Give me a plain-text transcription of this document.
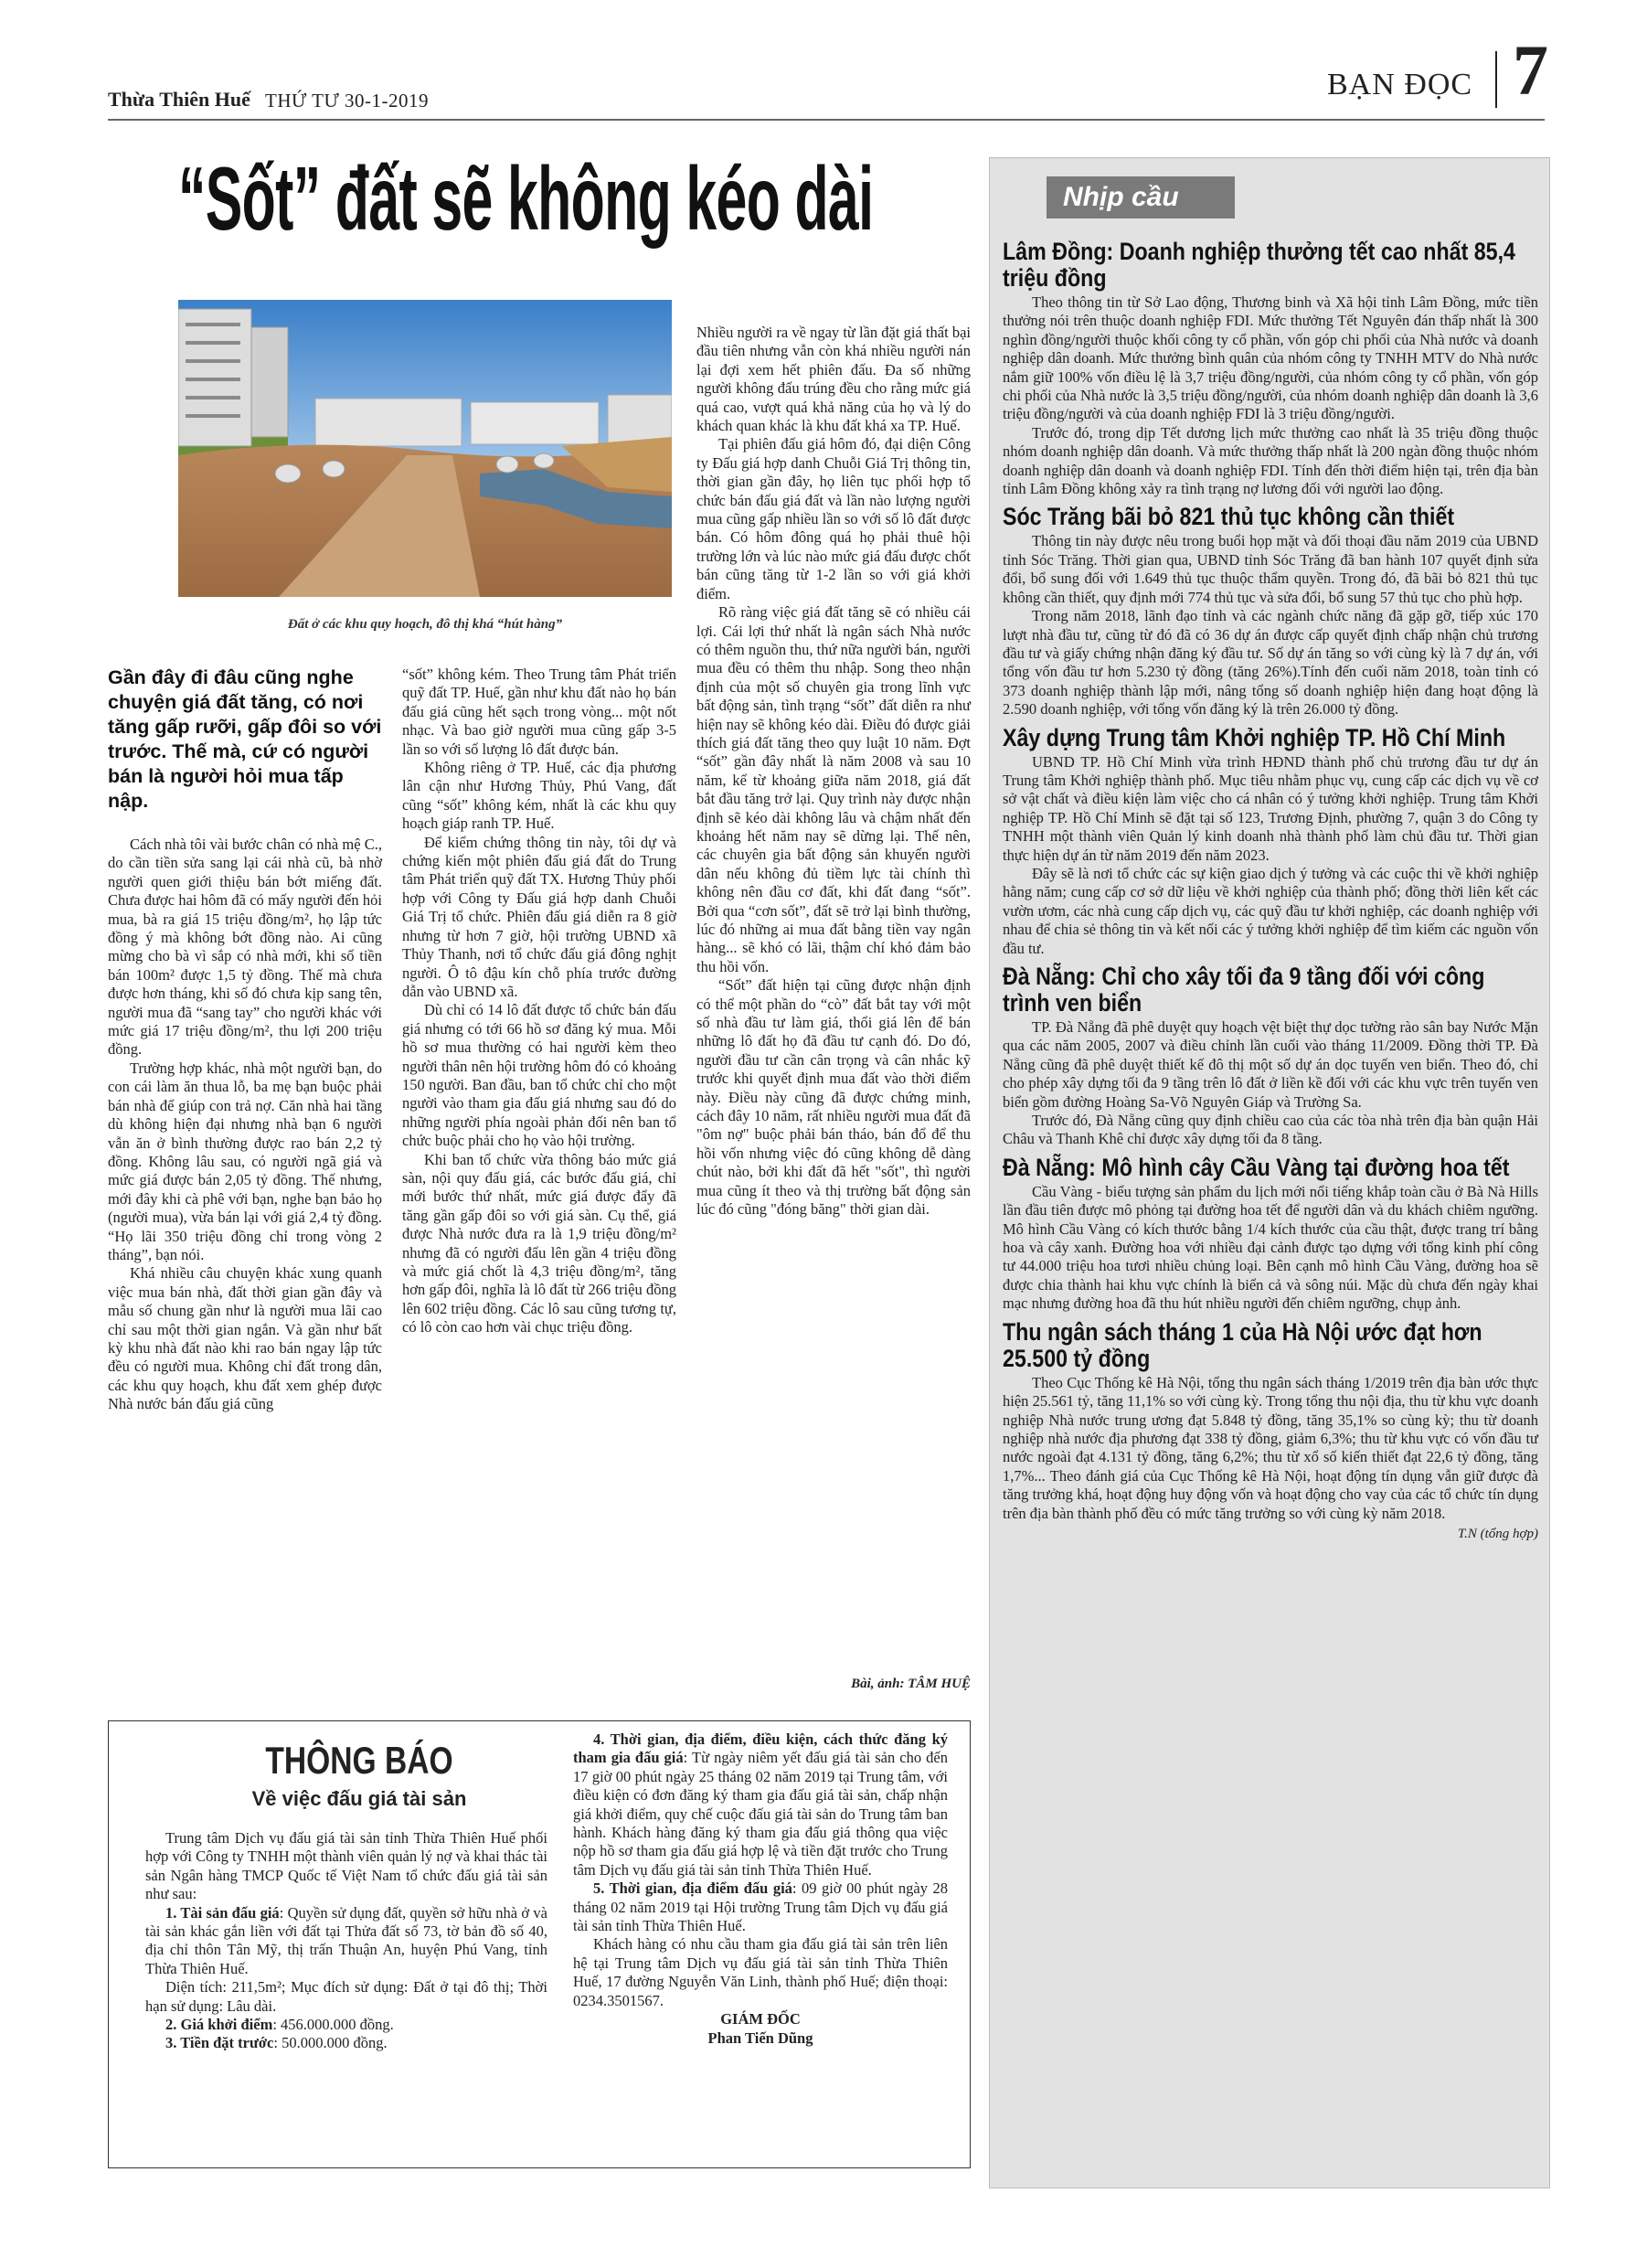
Thừa Thiên Huế THỨ TƯ 30-1-2019	BẠN ĐỌC 7
“Sốt” đất sẽ không kéo dài
Đất ở các khu quy hoạch, đô thị khá “hút hàng”
Gần đây đi đâu cũng nghe chuyện giá đất tăng, có nơi tăng gấp rưỡi, gấp đôi so với trước. Thế mà, cứ có người bán là người hỏi mua tấp nập.

Cách nhà tôi vài bước chân có nhà mệ C., do cần tiền sửa sang lại cái nhà cũ, bà nhờ người quen giới thiệu bán bớt miếng đất. Chưa được hai hôm đã có mấy người đến hỏi mua, bà ra giá 15 triệu đồng/m², họ lập tức đồng ý mà không bớt đồng nào. Ai cũng mừng cho bà vì sắp có nhà mới, khi số tiền bán 100m² được 1,5 tỷ đồng. Thế mà chưa được hơn tháng, khi số đó chưa kịp sang tên, người mua đã “sang tay” cho người khác với mức giá 17 triệu đồng/m², thu lợi 200 triệu đồng.

Trường hợp khác, nhà một người bạn, do con cái làm ăn thua lỗ, ba mẹ bạn buộc phải bán nhà để giúp con trả nợ. Căn nhà hai tầng dù không hiện đại nhưng nhà bạn 6 người vẫn ăn ở bình thường được rao bán 2,2 tỷ đồng. Không lâu sau, có người ngã giá và mức giá được bán 2,05 tỷ đồng. Thế nhưng, mới đây khi cà phê với bạn, nghe bạn bảo họ (người mua), vừa bán lại với giá 2,4 tỷ đồng. “Họ lãi 350 triệu đồng chỉ trong vòng 2 tháng”, bạn nói.

Khá nhiều câu chuyện khác xung quanh việc mua bán nhà, đất thời gian gần đây và mẫu số chung gần như là người mua lãi cao chỉ sau một thời gian ngắn. Và gần như bất kỳ khu nhà đất nào khi rao bán ngay lập tức đều có người mua. Không chỉ đất trong dân, các khu quy hoạch, khu đất xem ghép được Nhà nước bán đấu giá cũng

“sốt” không kém. Theo Trung tâm Phát triển quỹ đất TP. Huế, gần như khu đất nào họ bán đấu giá cũng hết sạch trong vòng... một nốt nhạc. Và bao giờ người mua cũng gấp 3-5 lần so với số lượng lô đất được bán.

Không riêng ở TP. Huế, các địa phương lân cận như Hương Thủy, Phú Vang, đất cũng “sốt” không kém, nhất là các khu quy hoạch giáp ranh TP. Huế.

Để kiểm chứng thông tin này, tôi dự và chứng kiến một phiên đấu giá đất do Trung tâm Phát triển quỹ đất TX. Hương Thủy phối hợp với Công ty Đấu giá hợp danh Chuỗi Giá Trị tổ chức. Phiên đấu giá diễn ra 8 giờ nhưng từ hơn 7 giờ, hội trường UBND xã Thủy Thanh, nơi tổ chức đấu giá đông nghịt người. Ô tô đậu kín chỗ phía trước đường dẫn vào UBND xã.

Dù chỉ có 14 lô đất được tổ chức bán đấu giá nhưng có tới 66 hồ sơ đăng ký mua. Mỗi hồ sơ mua thường có hai người kèm theo người thân nên hội trường hôm đó có khoảng 150 người. Ban đầu, ban tổ chức chỉ cho một người vào tham gia đấu giá nhưng sau đó do những người phía ngoài phản đối nên ban tổ chức buộc phải cho họ vào hội trường.

Khi ban tổ chức vừa thông báo mức giá sàn, nội quy đấu giá, các bước đấu giá, chỉ mới bước thứ nhất, mức giá được đẩy đã tăng gần gấp đôi so với giá sàn. Cụ thể, giá được Nhà nước đưa ra là 1,9 triệu đồng/m² nhưng đã có người đẩu lên gần 4 triệu đồng và mức giá chốt là 4,3 triệu đồng/m², tăng hơn gấp đôi, nghĩa là lô đất từ 266 triệu đồng lên 602 triệu đồng. Các lô sau cũng tương tự, có lô còn cao hơn vài chục triệu đồng.

Nhiều người ra về ngay từ lần đặt giá thất bại đầu tiên nhưng vẫn còn khá nhiều người nán lại đợi xem hết phiên đấu. Đa số những người không đấu trúng đều cho rằng mức giá quá cao, vượt quá khả năng của họ và lý do khách quan khác là khu đất khá xa TP. Huế.

Tại phiên đấu giá hôm đó, đại diện Công ty Đấu giá hợp danh Chuỗi Giá Trị thông tin, thời gian gần đây, họ liên tục phối hợp tổ chức bán đấu giá đất và lần nào lượng người mua cũng gấp nhiều lần so với số lô đất được bán. Có hôm đông quá họ phải thuê hội trường lớn và lúc nào mức giá đấu được chốt bán cũng tăng từ 1-2 lần so với giá khởi điểm.

Rõ ràng việc giá đất tăng sẽ có nhiều cái lợi. Cái lợi thứ nhất là ngân sách Nhà nước có thêm nguồn thu, thứ nữa người bán, người mua đều có thêm thu nhập. Song theo nhận định của một số chuyên gia trong lĩnh vực bất động sản, tình trạng “sốt” đất diễn ra như hiện nay sẽ không kéo dài. Điều đó được giải thích giá đất tăng theo quy luật 10 năm. Đợt “sốt” gần đây nhất là năm 2008 và sau 10 năm, kể từ khoảng giữa năm 2018, giá đất bắt đầu tăng trở lại. Quy trình này được nhận định sẽ kéo dài không lâu và chậm nhất đến khoảng hết năm nay sẽ dừng lại. Thế nên, các chuyên gia bất động sản khuyến người dân nếu không đủ tiềm lực tài chính thì không nên đầu cơ đất, khi đất đang “sốt”. Bởi qua “cơn sốt”, đất sẽ trở lại bình thường, lúc đó những ai mua đất bằng tiền vay ngân hàng... sẽ khó có lãi, thậm chí khó đảm bảo thu hồi vốn.

“Sốt” đất hiện tại cũng được nhận định có thể một phần do “cò” đất bắt tay với một số nhà đầu tư làm giá, thổi giá lên để bán những lô đất họ đã đầu tư cạnh đó. Do đó, người đầu tư cần cân trọng và cân nhắc kỹ trước khi quyết định mua đất vào thời điểm này. Điều này cũng đã được chứng minh, cách đây 10 năm, rất nhiều người mua đất đã "ôm nợ" buộc phải bán tháo, bán đổ để thu hồi vốn nhưng việc đó cũng không dễ dàng chút nào, bởi khi đất đã hết "sốt", thì người mua cũng ít theo và thị trường bất động sản lúc đó cũng "đóng băng" thời gian dài.

Bài, ảnh: TÂM HUỆ
THÔNG BÁO
Về việc đấu giá tài sản

Trung tâm Dịch vụ đấu giá tài sản tỉnh Thừa Thiên Huế phối hợp với Công ty TNHH một thành viên quản lý nợ và khai thác tài sản Ngân hàng TMCP Quốc tế Việt Nam tổ chức đấu giá tài sản như sau:

1. Tài sản đấu giá: Quyền sử dụng đất, quyền sở hữu nhà ở và tài sản khác gắn liền với đất tại Thửa đất số 73, tờ bản đồ số 40, địa chỉ thôn Tân Mỹ, thị trấn Thuận An, huyện Phú Vang, tỉnh Thừa Thiên Huế.

Diện tích: 211,5m²; Mục đích sử dụng: Đất ở tại đô thị; Thời hạn sử dụng: Lâu dài.

2. Giá khởi điểm: 456.000.000 đồng.

3. Tiền đặt trước: 50.000.000 đồng.

4. Thời gian, địa điểm, điều kiện, cách thức đăng ký tham gia đấu giá: Từ ngày niêm yết đấu giá tài sản cho đến 17 giờ 00 phút ngày 25 tháng 02 năm 2019 tại Trung tâm, với điều kiện có đơn đăng ký tham gia đấu giá tài sản, chấp nhận giá khởi điểm, quy chế cuộc đấu giá tài sản do Trung tâm ban hành. Khách hàng đăng ký tham gia đấu giá thông qua việc nộp hồ sơ tham gia đấu giá hợp lệ và tiền đặt trước cho Trung tâm Dịch vụ đấu giá tài sản tỉnh Thừa Thiên Huế.

5. Thời gian, địa điểm đấu giá: 09 giờ 00 phút ngày 28 tháng 02 năm 2019 tại Hội trường Trung tâm Dịch vụ đấu giá tài sản tỉnh Thừa Thiên Huế.

Khách hàng có nhu cầu tham gia đấu giá tài sản trên liên hệ tại Trung tâm Dịch vụ đấu giá tài sản tỉnh Thừa Thiên Huế, 17 đường Nguyễn Văn Linh, thành phố Huế; điện thoại: 0234.3501567.

GIÁM ĐỐC

Phan Tiến Dũng

Nhịp cầu
Lâm Đồng: Doanh nghiệp thưởng tết cao nhất 85,4 triệu đồng

Theo thông tin từ Sở Lao động, Thương binh và Xã hội tỉnh Lâm Đồng, mức tiền thưởng nói trên thuộc doanh nghiệp FDI. Mức thưởng Tết Nguyên đán thấp nhất là 300 nghìn đồng/người thuộc khối công ty cổ phần, vốn góp chi phối của Nhà nước và doanh nghiệp dân doanh. Mức thưởng bình quân của nhóm công ty TNHH MTV do Nhà nước nắm giữ 100% vốn điều lệ là 3,7 triệu đồng/người, của nhóm công ty cổ phần, vốn góp chi phối của Nhà nước là 3,5 triệu đồng/người, của nhóm doanh nghiệp dân doanh là 3,6 triệu đồng/người và của doanh nghiệp FDI là 3 triệu đồng/người.

Trước đó, trong dịp Tết dương lịch mức thưởng cao nhất là 35 triệu đồng thuộc nhóm doanh nghiệp dân doanh. Và mức thưởng thấp nhất là 200 ngàn đồng thuộc nhóm doanh nghiệp dân doanh và doanh nghiệp FDI. Tính đến thời điểm hiện tại, trên địa bàn tỉnh Lâm Đồng không xảy ra tình trạng nợ lương đối với người lao động.

Sóc Trăng bãi bỏ 821 thủ tục không cần thiết

Thông tin này được nêu trong buổi họp mặt và đối thoại đầu năm 2019 của UBND tỉnh Sóc Trăng. Thời gian qua, UBND tỉnh Sóc Trăng đã ban hành 107 quyết định sửa đổi, bổ sung đối với 1.649 thủ tục thuộc thẩm quyền. Trong đó, đã bãi bỏ 821 thủ tục không cần thiết, quy định mới 774 thủ tục và sửa đổi, bổ sung 57 thủ tục cho phù hợp.

Trong năm 2018, lãnh đạo tỉnh và các ngành chức năng đã gặp gỡ, tiếp xúc 170 lượt nhà đầu tư, cũng từ đó đã có 36 dự án được cấp quyết định chấp nhận chủ trương đầu tư và giấy chứng nhận đăng ký đầu tư. Số dự án tăng so với cùng kỳ là 7 dự án, với tổng vốn đầu tư hơn 5.230 tỷ đồng (tăng 26%).Tính đến cuối năm 2018, toàn tỉnh có 373 doanh nghiệp thành lập mới, nâng tổng số doanh nghiệp hiện đang hoạt động là 2.590 doanh nghiệp, với tổng vốn đăng ký là trên 26.000 tỷ đồng.

Xây dựng Trung tâm Khởi nghiệp TP. Hồ Chí Minh

UBND TP. Hồ Chí Minh vừa trình HĐND thành phố chủ trương đầu tư dự án Trung tâm Khởi nghiệp thành phố. Mục tiêu nhằm phục vụ, cung cấp các dịch vụ về cơ sở vật chất và điều kiện làm việc cho cá nhân có ý tưởng khởi nghiệp. Trung tâm Khởi nghiệp TP. Hồ Chí Minh sẽ đặt tại số 123, Trương Định, phường 7, quận 3 do Công ty TNHH một thành viên Quản lý kinh doanh nhà thành phố làm chủ đầu tư. Thời gian thực hiện dự án từ năm 2019 đến năm 2023.

Đây sẽ là nơi tổ chức các sự kiện giao dịch ý tưởng và các cuộc thi về khởi nghiệp hằng năm; cung cấp cơ sở dữ liệu về khởi nghiệp của thành phố; đồng thời liên kết các vườn ươm, các nhà cung cấp dịch vụ, các quỹ đầu tư khởi nghiệp, các doanh nghiệp với nhau để chia sẻ thông tin và kết nối các ý tưởng khởi nghiệp để tìm kiếm các nguồn vốn đầu tư.

Đà Nẵng: Chỉ cho xây tối đa 9 tầng đối với công trình ven biển

TP. Đà Nẵng đã phê duyệt quy hoạch vệt biệt thự dọc tường rào sân bay Nước Mặn qua các năm 2005, 2007 và điều chỉnh lần cuối vào tháng 11/2009. Đồng thời TP. Đà Nẵng cũng đã phê duyệt thiết kế đô thị một số dự án dọc tuyến ven biển. Theo đó, chỉ cho phép xây dựng tối đa 9 tầng trên lô đất ở liền kề đối với các khu vực trên tuyến ven biển gồm đường Hoàng Sa-Võ Nguyên Giáp và Trường Sa.

Trước đó, Đà Nẵng cũng quy định chiều cao của các tòa nhà trên địa bàn quận Hải Châu và Thanh Khê chỉ được xây dựng tối đa 8 tầng.

Đà Nẵng: Mô hình cây Cầu Vàng tại đường hoa tết

Cầu Vàng - biểu tượng sản phẩm du lịch mới nổi tiếng khắp toàn cầu ở Bà Nà Hills lần đầu tiên được mô phỏng tại đường hoa tết để người dân và du khách chiêm ngưỡng. Mô hình Cầu Vàng có kích thước bằng 1/4 kích thước của cầu thật, được trang trí bằng hoa và cây xanh. Đường hoa với nhiều đại cảnh được tạo dựng với tổng kinh phí công tư 44.000 triệu hoa tươi nhiều chủng loại. Bên cạnh mô hình Cầu Vàng, đường hoa sẽ được chia thành hai khu vực chính là biển cả và sông núi. Mặc dù chưa đến ngày khai mạc nhưng đường hoa đã thu hút nhiều người đến chiêm ngưỡng, chụp ảnh.

Thu ngân sách tháng 1 của Hà Nội ước đạt hơn 25.500 tỷ đồng

Theo Cục Thống kê Hà Nội, tổng thu ngân sách tháng 1/2019 trên địa bàn ước thực hiện 25.561 tỷ, tăng 11,1% so với cùng kỳ. Trong tổng thu nội địa, thu từ khu vực doanh nghiệp Nhà nước trung ương đạt 5.848 tỷ đồng, tăng 35,1% so cùng kỳ; thu từ doanh nghiệp nhà nước địa phương đạt 338 tỷ đồng, giảm 6,3%; thu từ khu vực có vốn đầu tư nước ngoài đạt 4.131 tỷ đồng, tăng 6,2%; thu từ xổ số kiến thiết đạt 22,6 tỷ đồng, tăng 1,7%... Theo đánh giá của Cục Thống kê Hà Nội, hoạt động tín dụng vẫn giữ được đà tăng trưởng khá, hoạt động huy động vốn và hoạt động cho vay của các tổ chức tín dụng trên địa bàn thành phố đều có mức tăng trưởng so với cùng kỳ năm 2018.

T.N (tổng hợp)
